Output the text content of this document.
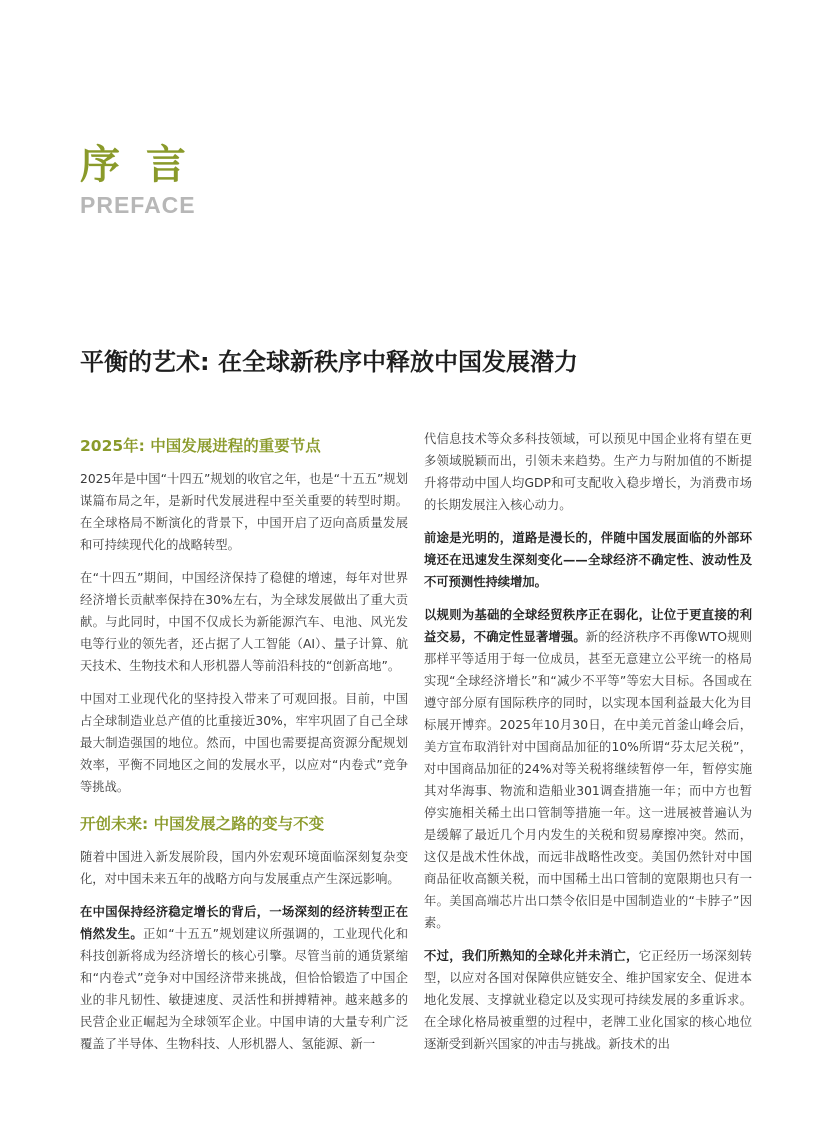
序 言
PREFACE
平衡的艺术: 在全球新秩序中释放中国发展潜力
2025年: 中国发展进程的重要节点

2025年是中国“十四五”规划的收官之年，也是“十五五”规划谋篇布局之年，是新时代发展进程中至关重要的转型时期。在全球格局不断演化的背景下，中国开启了迈向高质量发展和可持续现代化的战略转型。

在“十四五”期间，中国经济保持了稳健的增速，每年对世界经济增长贡献率保持在30%左右，为全球发展做出了重大贡献。与此同时，中国不仅成长为新能源汽车、电池、风光发电等行业的领先者，还占据了人工智能（AI）、量子计算、航天技术、生物技术和人形机器人等前沿科技的“创新高地”。

中国对工业现代化的坚持投入带来了可观回报。目前，中国占全球制造业总产值的比重接近30%，牢牢巩固了自己全球最大制造强国的地位。然而，中国也需要提高资源分配规划效率，平衡不同地区之间的发展水平，以应对“内卷式”竞争等挑战。

开创未来: 中国发展之路的变与不变

随着中国进入新发展阶段，国内外宏观环境面临深刻复杂变化，对中国未来五年的战略方向与发展重点产生深远影响。

在中国保持经济稳定增长的背后，一场深刻的经济转型正在悄然发生。正如“十五五”规划建议所强调的，工业现代化和科技创新将成为经济增长的核心引擎。尽管当前的通货紧缩和“内卷式”竞争对中国经济带来挑战，但恰恰锻造了中国企业的非凡韧性、敏捷速度、灵活性和拼搏精神。越来越多的民营企业正崛起为全球领军企业。中国申请的大量专利广泛覆盖了半导体、生物科技、人形机器人、氢能源、新一

代信息技术等众多科技领域，可以预见中国企业将有望在更多领域脱颖而出，引领未来趋势。生产力与附加值的不断提升将带动中国人均GDP和可支配收入稳步增长，为消费市场的长期发展注入核心动力。

前途是光明的，道路是漫长的，伴随中国发展面临的外部环境还在迅速发生深刻变化——全球经济不确定性、波动性及不可预测性持续增加。

以规则为基础的全球经贸秩序正在弱化，让位于更直接的利益交易，不确定性显著增强。新的经济秩序不再像WTO规则那样平等适用于每一位成员，甚至无意建立公平统一的格局实现“全球经济增长”和“减少不平等”等宏大目标。各国或在遵守部分原有国际秩序的同时，以实现本国利益最大化为目标展开博弈。2025年10月30日，在中美元首釜山峰会后，美方宣布取消针对中国商品加征的10%所谓“芬太尼关税”，对中国商品加征的24%对等关税将继续暂停一年，暂停实施其对华海事、物流和造船业301调查措施一年；而中方也暂停实施相关稀土出口管制等措施一年。这一进展被普遍认为是缓解了最近几个月内发生的关税和贸易摩擦冲突。然而，这仅是战术性休战，而远非战略性改变。美国仍然针对中国商品征收高额关税，而中国稀土出口管制的宽限期也只有一年。美国高端芯片出口禁令依旧是中国制造业的“卡脖子”因素。

不过，我们所熟知的全球化并未消亡，它正经历一场深刻转型，以应对各国对保障供应链安全、维护国家安全、促进本地化发展、支撑就业稳定以及实现可持续发展的多重诉求。在全球化格局被重塑的过程中，老牌工业化国家的核心地位逐渐受到新兴国家的冲击与挑战。新技术的出
